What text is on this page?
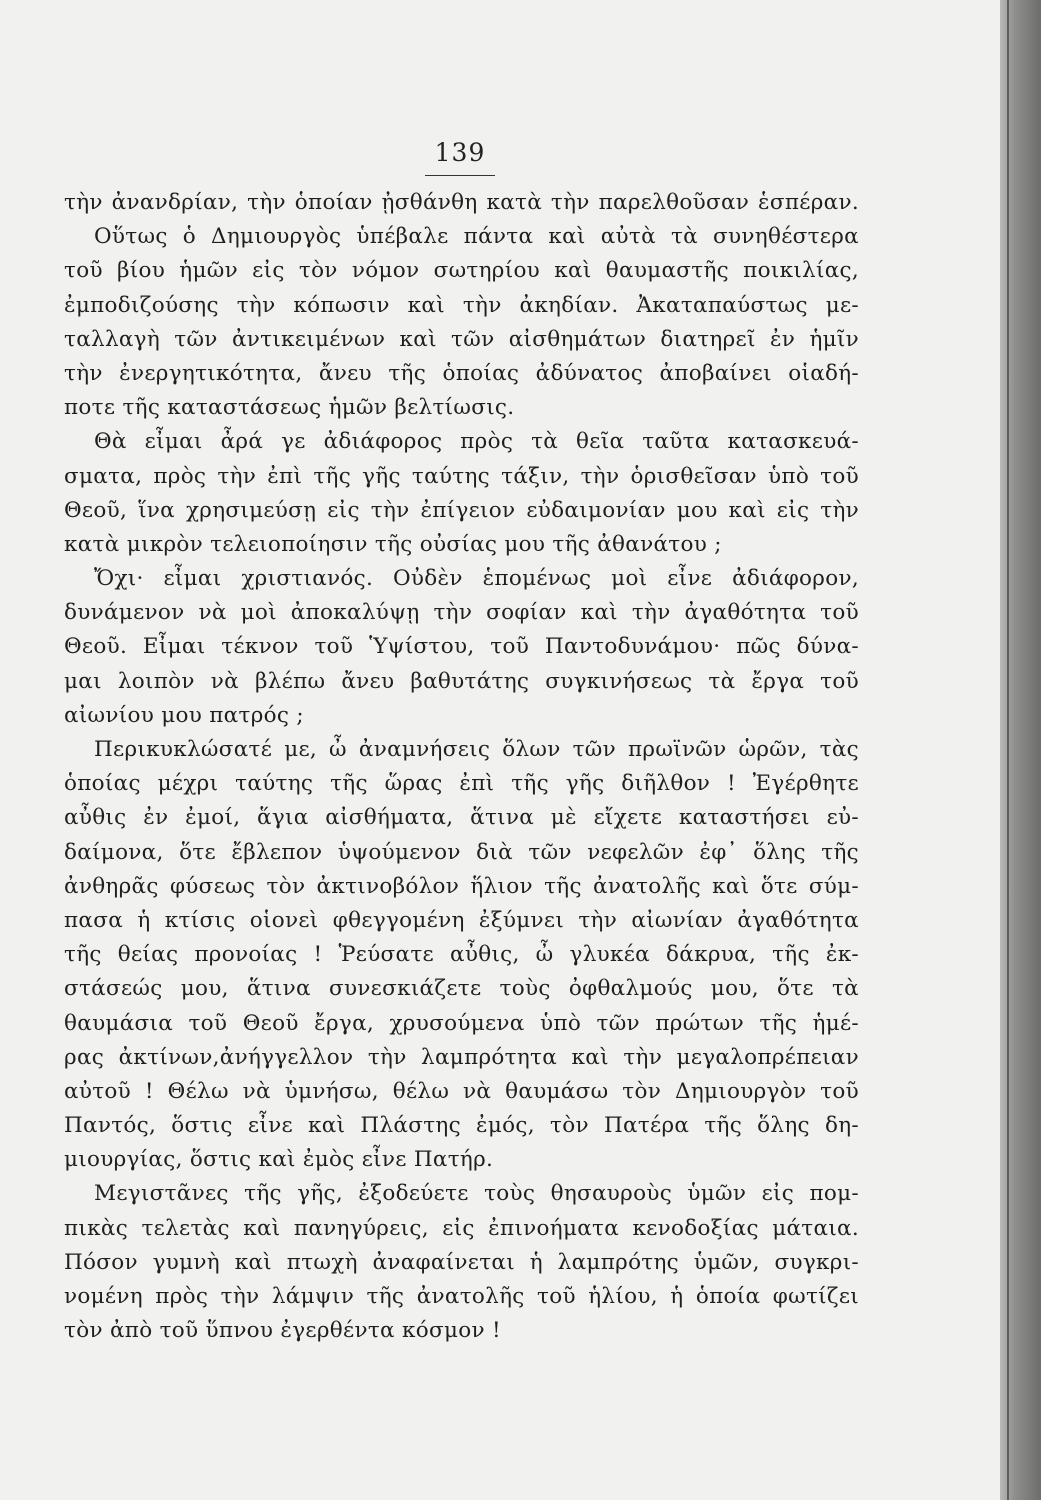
139
τὴν ἀνανδρίαν, τὴν ὁποίαν ᾐσθάνθη κατὰ τὴν παρελθοῦσαν ἑσπέραν.
Οὕτως ὁ Δημιουργὸς ὑπέβαλε πάντα καὶ αὐτὰ τὰ συνηθέστερα
τοῦ βίου ἡμῶν εἰς τὸν νόμον σωτηρίου καὶ θαυμαστῆς ποικιλίας,
ἐμποδιζούσης τὴν κόπωσιν καὶ τὴν ἀκηδίαν. Ἀκαταπαύστως με-
ταλλαγὴ τῶν ἀντικειμένων καὶ τῶν αἰσθημάτων διατηρεῖ ἐν ἡμῖν
τὴν ἐνεργητικότητα, ἄνευ τῆς ὁποίας ἀδύνατος ἀποβαίνει οἱαδή-
ποτε τῆς καταστάσεως ἡμῶν βελτίωσις.
Θὰ εἶμαι ἆρά γε ἀδιάφορος πρὸς τὰ θεῖα ταῦτα κατασκευά-
σματα, πρὸς τὴν ἐπὶ τῆς γῆς ταύτης τάξιν, τὴν ὁρισθεῖσαν ὑπὸ τοῦ
Θεοῦ, ἵνα χρησιμεύσῃ εἰς τὴν ἐπίγειον εὐδαιμονίαν μου καὶ εἰς τὴν
κατὰ μικρὸν τελειοποίησιν τῆς οὐσίας μου τῆς ἀθανάτου ;
Ὄχι· εἶμαι χριστιανός. Οὐδὲν ἑπομένως μοὶ εἶνε ἀδιάφορον,
δυνάμενον νὰ μοὶ ἀποκαλύψῃ τὴν σοφίαν καὶ τὴν ἀγαθότητα τοῦ
Θεοῦ. Εἶμαι τέκνον τοῦ Ὑψίστου, τοῦ Παντοδυνάμου· πῶς δύνα-
μαι λοιπὸν νὰ βλέπω ἄνευ βαθυτάτης συγκινήσεως τὰ ἔργα τοῦ
αἰωνίου μου πατρός ;
Περικυκλώσατέ με, ὦ ἀναμνήσεις ὅλων τῶν πρωϊνῶν ὡρῶν, τὰς
ὁποίας μέχρι ταύτης τῆς ὥρας ἐπὶ τῆς γῆς διῆλθον ! Ἐγέρθητε
αὖθις ἐν ἐμοί, ἅγια αἰσθήματα, ἅτινα μὲ εἴχετε καταστήσει εὐ-
δαίμονα, ὅτε ἔβλεπον ὑψούμενον διὰ τῶν νεφελῶν ἐφ᾽ ὅλης τῆς
ἀνθηρᾶς φύσεως τὸν ἀκτινοβόλον ἥλιον τῆς ἀνατολῆς καὶ ὅτε σύμ-
πασα ἡ κτίσις οἱονεὶ φθεγγομένη ἐξύμνει τὴν αἰωνίαν ἀγαθότητα
τῆς θείας προνοίας ! Ῥεύσατε αὖθις, ὦ γλυκέα δάκρυα, τῆς ἐκ-
στάσεώς μου, ἅτινα συνεσκιάζετε τοὺς ὀφθαλμούς μου, ὅτε τὰ
θαυμάσια τοῦ Θεοῦ ἔργα, χρυσούμενα ὑπὸ τῶν πρώτων τῆς ἡμέ-
ρας ἀκτίνων,ἀνήγγελλον τὴν λαμπρότητα καὶ τὴν μεγαλοπρέπειαν
αὐτοῦ ! Θέλω νὰ ὑμνήσω, θέλω νὰ θαυμάσω τὸν Δημιουργὸν τοῦ
Παντός, ὅστις εἶνε καὶ Πλάστης ἐμός, τὸν Πατέρα τῆς ὅλης δη-
μιουργίας, ὅστις καὶ ἐμὸς εἶνε Πατήρ.
Μεγιστᾶνες τῆς γῆς, ἐξοδεύετε τοὺς θησαυροὺς ὑμῶν εἰς πομ-
πικὰς τελετὰς καὶ πανηγύρεις, εἰς ἐπινοήματα κενοδοξίας μάταια.
Πόσον γυμνὴ καὶ πτωχὴ ἀναφαίνεται ἡ λαμπρότης ὑμῶν, συγκρι-
νομένη πρὸς τὴν λάμψιν τῆς ἀνατολῆς τοῦ ἡλίου, ἡ ὁποία φωτίζει
τὸν ἀπὸ τοῦ ὕπνου ἐγερθέντα κόσμον !
